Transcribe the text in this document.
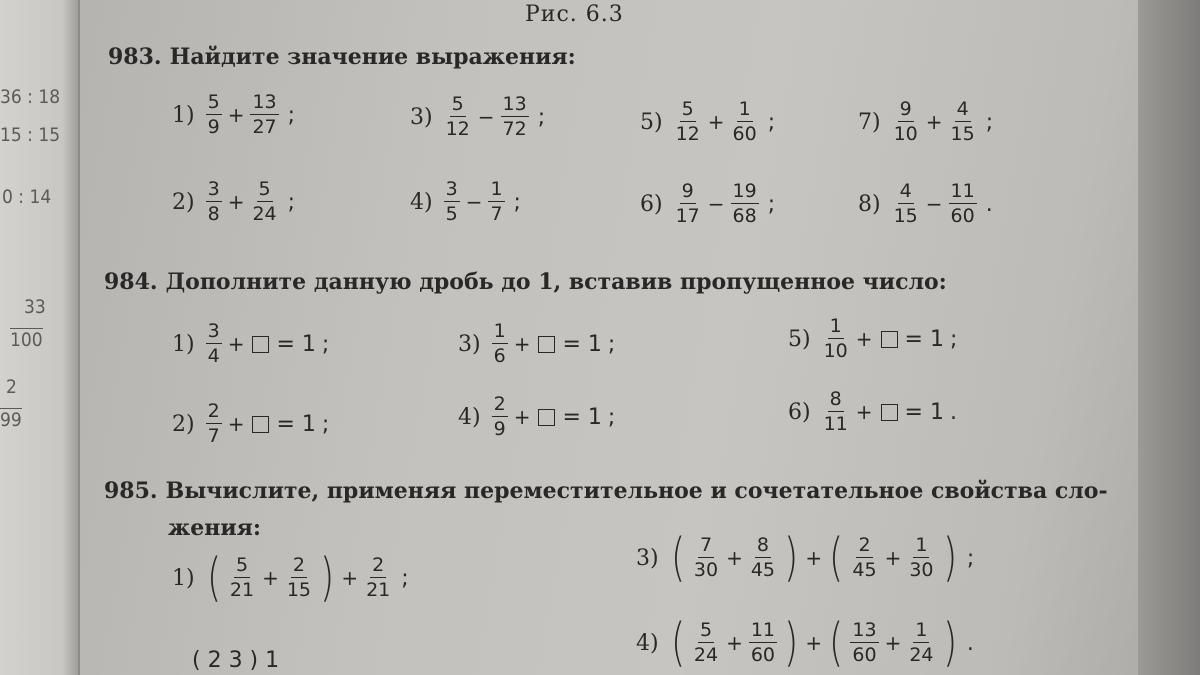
36 : 18
15 : 15
0 : 14
33
100
2
99
Рис. 6.3
983. Найдите значение выражения:
$1) \frac{5}{9} + \frac{13}{27}$ ;
$2) \frac{3}{8} + \frac{5}{24}$ ;
$3) \frac{5}{12} - \frac{13}{72}$ ;
$4) \frac{3}{5} - \frac{1}{7}$ ;
$5) \frac{5}{12} + \frac{1}{60}$ ;
$6) \frac{9}{17} - \frac{19}{68}$ ;
$7) \frac{9}{10} + \frac{4}{15}$ ;
$8) \frac{4}{15} - \frac{11}{60}$ .
984. Дополните данную дробь до 1, вставив пропущенное число:
$1) \frac{3}{4}$ + = 1 ;
$2) \frac{2}{7}$ + = 1 ;
$3) \frac{1}{6}$ + = 1 ;
$4) \frac{2}{9}$ + = 1 ;
$5) \frac{1}{10}$ + = 1 ;
$6) \frac{8}{11}$ + = 1 .
985. Вычислите, применяя переместительное и сочетательное свойства сло-
жения:
1) ( $\frac{5}{21} + \frac{2}{15}$ ) + $\frac{2}{21}$ ;
3) ( $\frac{7}{30} + \frac{8}{45}$ ) + ( $\frac{2}{45} + \frac{1}{30}$ ) ;
4) ( $\frac{5}{24} + \frac{11}{60}$ ) + ( $\frac{13}{60} + \frac{1}{24}$ ) .
( 2 3 ) 1
